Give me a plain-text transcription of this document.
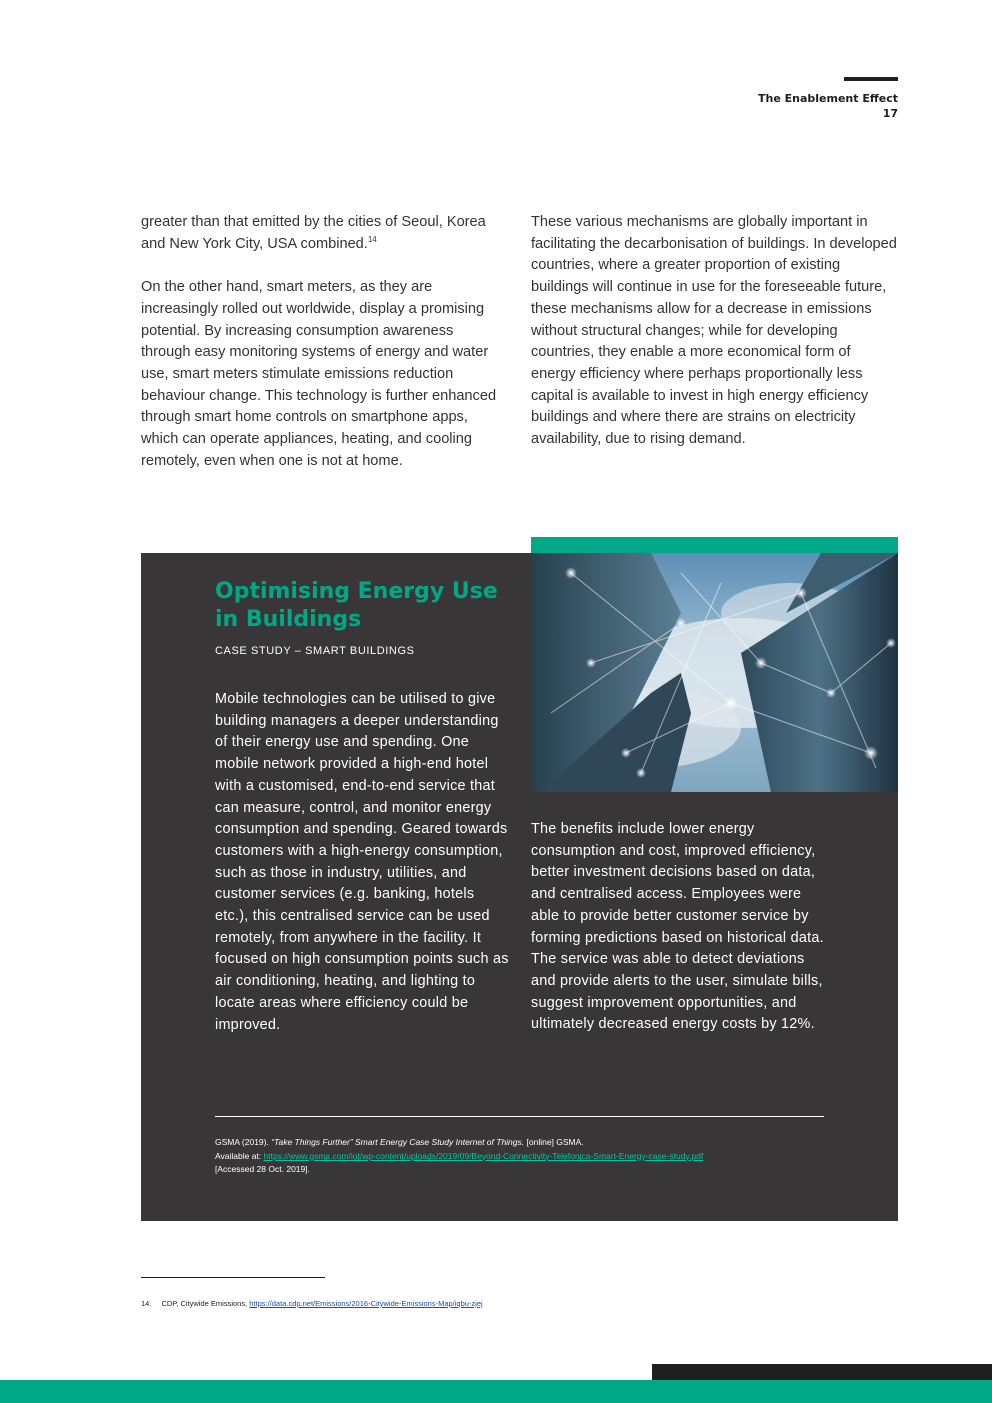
The Enablement Effect
17

greater than that emitted by the cities of Seoul, Korea and New York City, USA combined.$^{14}$

On the other hand, smart meters, as they are increasingly rolled out worldwide, display a promising potential. By increasing consumption awareness through easy monitoring systems of energy and water use, smart meters stimulate emissions reduction behaviour change. This technology is further enhanced through smart home controls on smartphone apps, which can operate appliances, heating, and cooling remotely, even when one is not at home.

These various mechanisms are globally important in facilitating the decarbonisation of buildings. In developed countries, where a greater proportion of existing buildings will continue in use for the foreseeable future, these mechanisms allow for a decrease in emissions without structural changes; while for developing countries, they enable a more economical form of energy efficiency where perhaps proportionally less capital is available to invest in high energy efficiency buildings and where there are strains on electricity availability, due to rising demand.

Optimising Energy Use in Buildings
CASE STUDY – SMART BUILDINGS
Mobile technologies can be utilised to give building managers a deeper understanding of their energy use and spending. One mobile network provided a high-end hotel with a customised, end-to-end service that can measure, control, and monitor energy consumption and spending. Geared towards customers with a high-energy consumption, such as those in industry, utilities, and customer services (e.g. banking, hotels etc.), this centralised service can be used remotely, from anywhere in the facility. It focused on high consumption points such as air conditioning, heating, and lighting to locate areas where efficiency could be improved.
The benefits include lower energy consumption and cost, improved efficiency, better investment decisions based on data, and centralised access. Employees were able to provide better customer service by forming predictions based on historical data. The service was able to detect deviations and provide alerts to the user, simulate bills, suggest improvement opportunities, and ultimately decreased energy costs by 12%.
GSMA (2019). “Take Things Further” Smart Energy Case Study Internet of Things. [online] GSMA.
Available at: https://www.gsma.com/iot/wp-content/uploads/2019/09/Beyond-Connectivity-Telefonica-Smart-Energy-case-study.pdf
[Accessed 28 Oct. 2019].
14. CDP, Citywide Emissions, https://data.cdp.net/Emissions/2016-Citywide-Emissions-Map/iqbu-zjej
